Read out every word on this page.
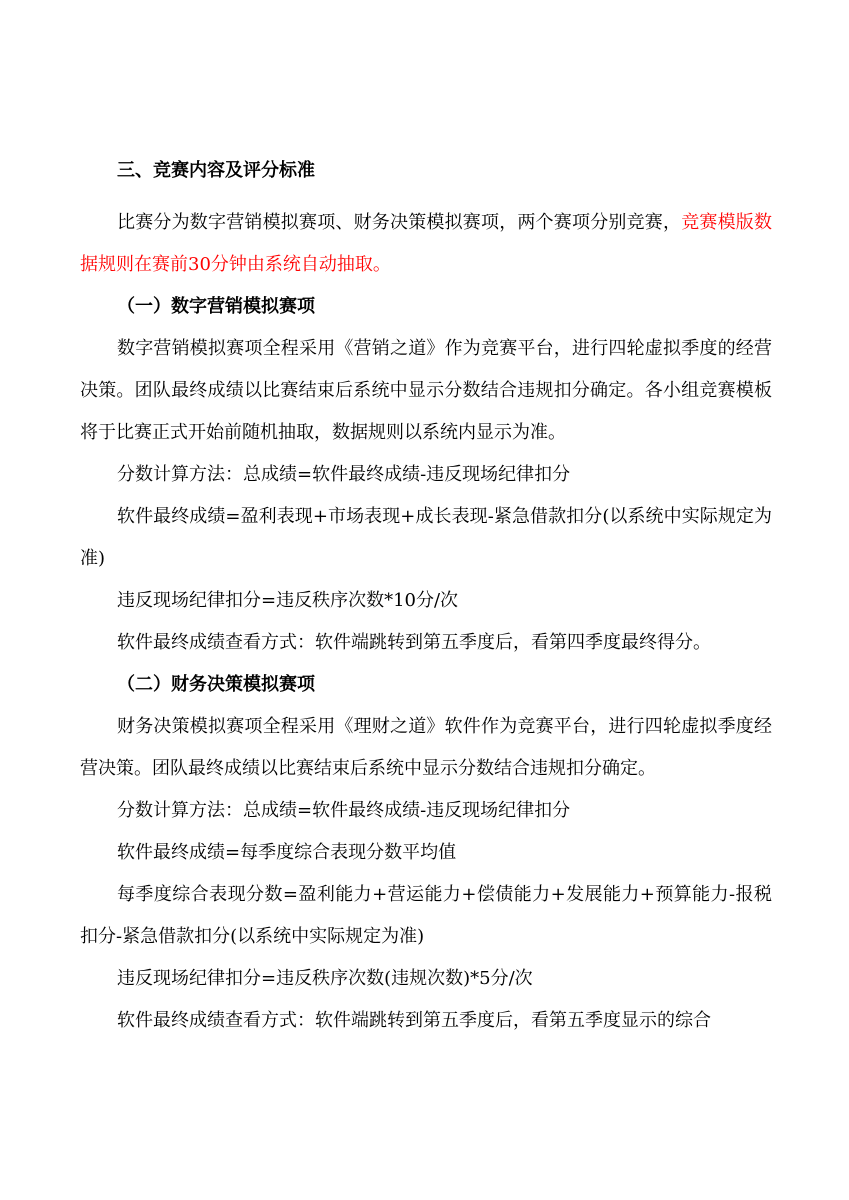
三、竞赛内容及评分标准

比赛分为数字营销模拟赛项、财务决策模拟赛项，两个赛项分别竞赛，竞赛模版数据规则在赛前30分钟由系统自动抽取。

（一）数字营销模拟赛项

数字营销模拟赛项全程采用《营销之道》作为竞赛平台，进行四轮虚拟季度的经营决策。团队最终成绩以比赛结束后系统中显示分数结合违规扣分确定。各小组竞赛模板将于比赛正式开始前随机抽取，数据规则以系统内显示为准。

分数计算方法：总成绩=软件最终成绩-违反现场纪律扣分

软件最终成绩=盈利表现+市场表现+成长表现-紧急借款扣分(以系统中实际规定为准)

违反现场纪律扣分=违反秩序次数*10分/次

软件最终成绩查看方式：软件端跳转到第五季度后，看第四季度最终得分。

（二）财务决策模拟赛项

财务决策模拟赛项全程采用《理财之道》软件作为竞赛平台，进行四轮虚拟季度经营决策。团队最终成绩以比赛结束后系统中显示分数结合违规扣分确定。

分数计算方法：总成绩=软件最终成绩-违反现场纪律扣分

软件最终成绩=每季度综合表现分数平均值

每季度综合表现分数=盈利能力+营运能力+偿债能力+发展能力+预算能力-报税扣分-紧急借款扣分(以系统中实际规定为准)

违反现场纪律扣分=违反秩序次数(违规次数)*5分/次

软件最终成绩查看方式：软件端跳转到第五季度后，看第五季度显示的综合
